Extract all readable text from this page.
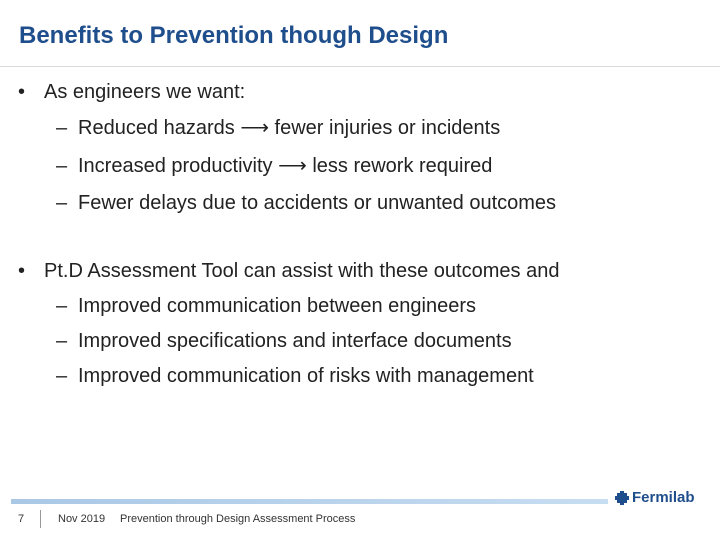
Benefits to Prevention though Design
• As engineers we want:
– Reduced hazards ⟶ fewer injuries or incidents
– Increased productivity ⟶ less rework required
– Fewer delays due to accidents or unwanted outcomes
• Pt.D Assessment Tool can assist with these outcomes and
– Improved communication between engineers
– Improved specifications and interface documents
– Improved communication of risks with management
7	Nov 2019 Prevention through Design Assessment Process
Fermilab
